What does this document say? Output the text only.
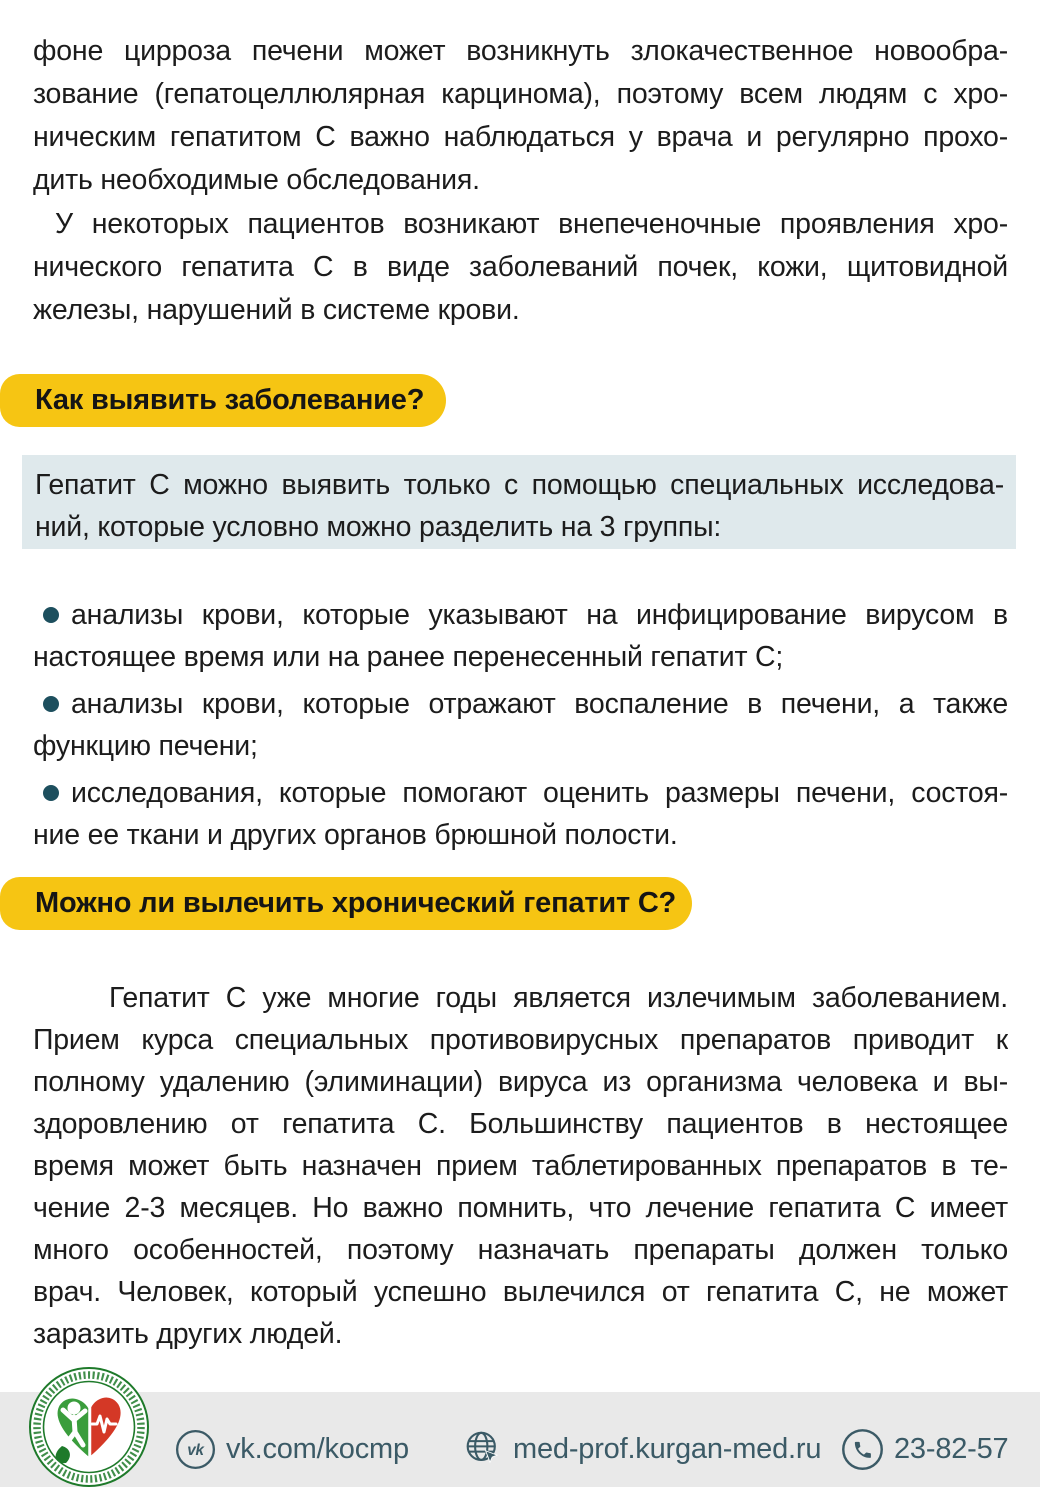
фоне цирроза печени может возникнуть злокачественное новообра-
зование (гепатоцеллюлярная карцинома), поэтому всем людям с хро-
ническим гепатитом С важно наблюдаться у врача и регулярно прохо-
дить необходимые обследования.
У некоторых пациентов возникают внепеченочные проявления хро-
нического гепатита С в виде заболеваний почек, кожи, щитовидной
железы, нарушений в системе крови.
Как выявить заболевание?
Гепатит С можно выявить только с помощью специальных исследова-
ний, которые условно можно разделить на 3 группы:
анализы крови, которые указывают на инфицирование вирусом в
настоящее время или на ранее перенесенный гепатит С;
анализы крови, которые отражают воспаление в печени, а также
функцию печени;
исследования, которые помогают оценить размеры печени, состоя-
ние ее ткани и других органов брюшной полости.
Можно ли вылечить хронический гепатит С?
Гепатит С уже многие годы является излечимым заболеванием.
Прием курса специальных противовирусных препаратов приводит к
полному удалению (элиминации) вируса из организма человека и вы-
здоровлению от гепатита С. Большинству пациентов в нестоящее
время может быть назначен прием таблетированных препаратов в те-
чение 2-3 месяцев. Но важно помнить, что лечение гепатита С имеет
много особенностей, поэтому назначать препараты должен только
врач. Человек, который успешно вылечился от гепатита С, не может
заразить других людей.
vk vk.com/kocmp	med-prof.kurgan-med.ru	23-82-57
